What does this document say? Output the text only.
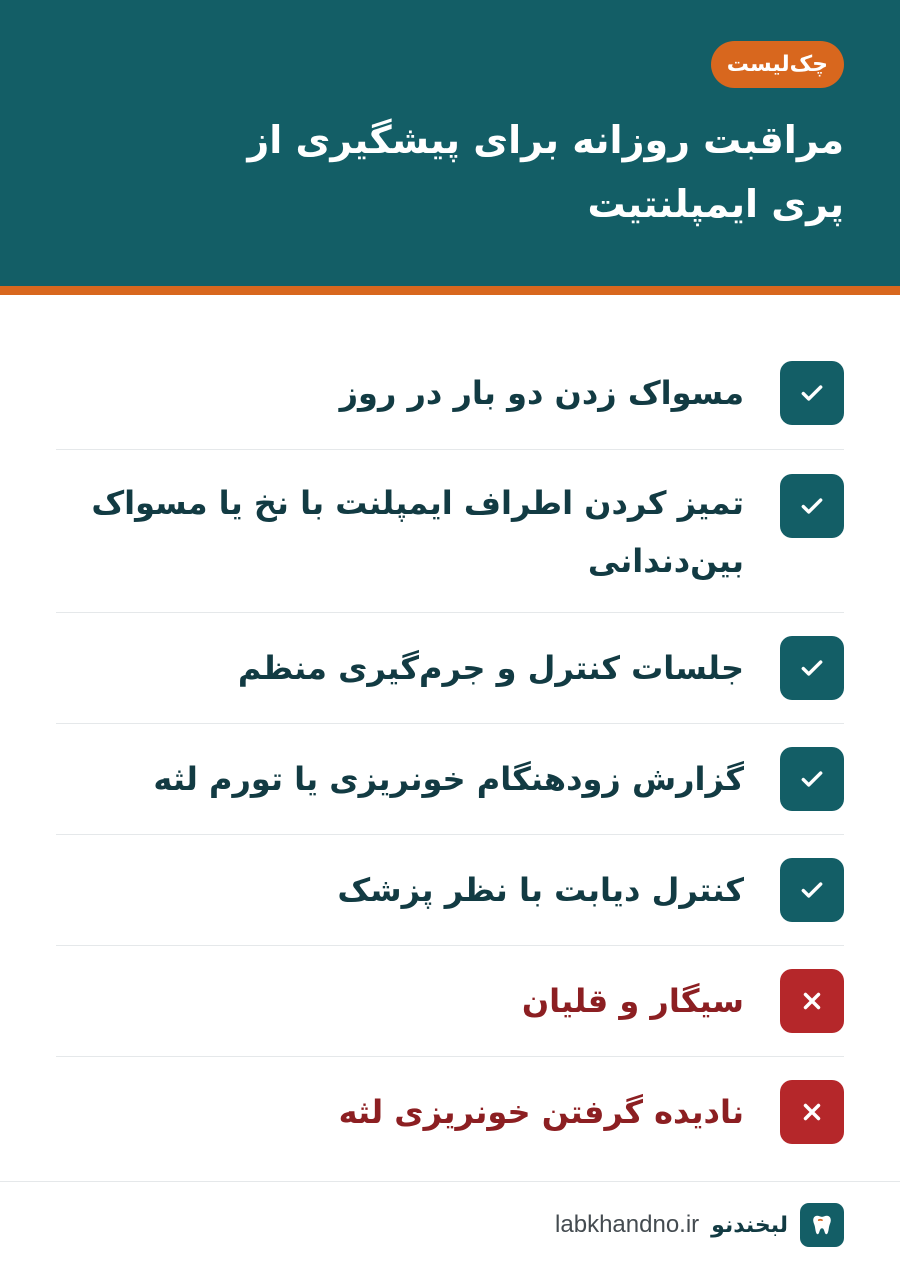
چک‌لیست
مراقبت روزانه برای پیشگیری از پری ایمپلنتیت
مسواک زدن دو بار در روز
تمیز کردن اطراف ایمپلنت با نخ یا مسواک بین‌دندانی
جلسات کنترل و جرم‌گیری منظم
گزارش زودهنگام خونریزی یا تورم لثه
کنترل دیابت با نظر پزشک
سیگار و قلیان
نادیده گرفتن خونریزی لثه
لبخندنو
labkhandno.ir
